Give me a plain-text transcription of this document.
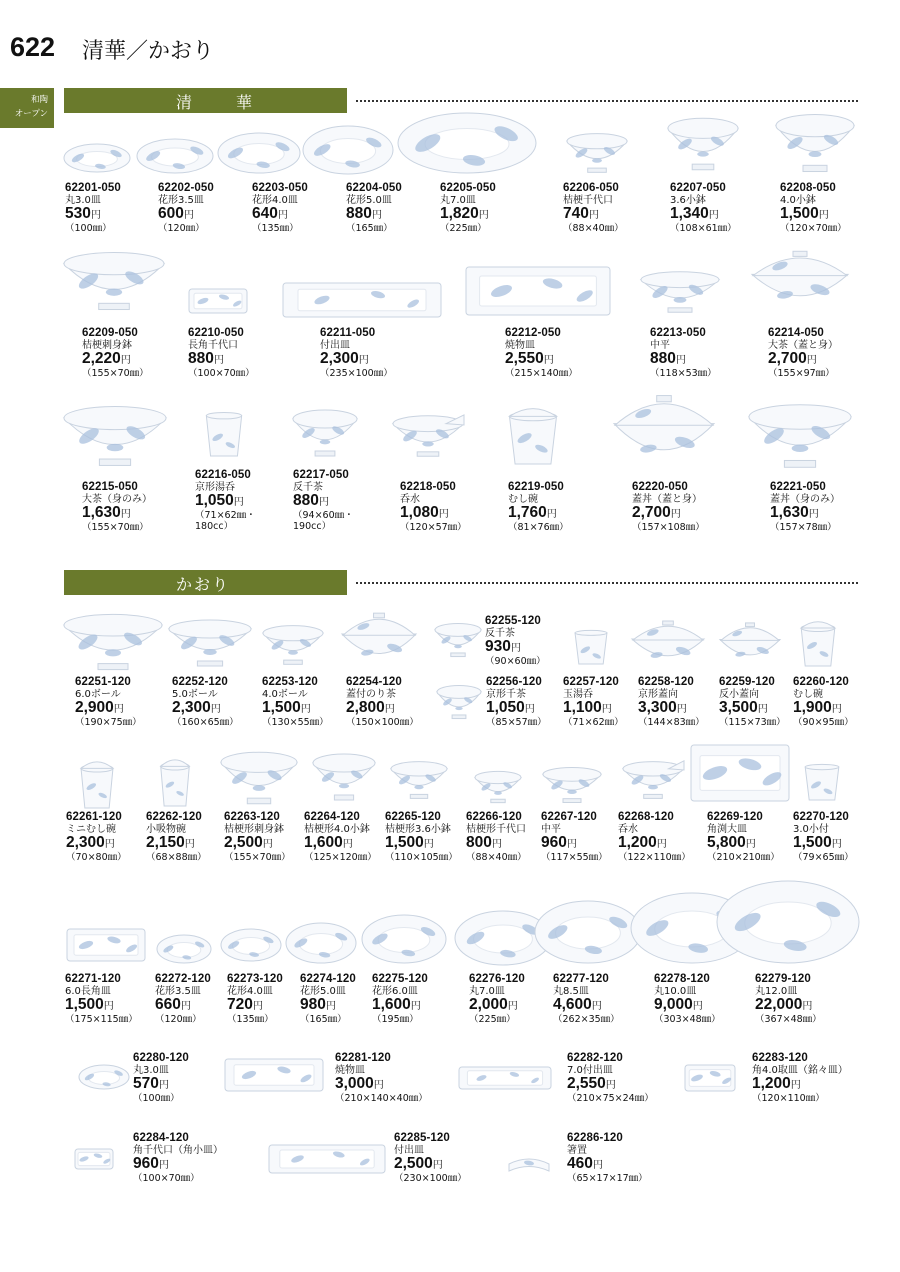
622 清華／かおり
和陶
オープン
清　華
かおり
62201-050
丸3.0皿
530円
（100㎜）
62202-050
花形3.5皿
600円
（120㎜）
62203-050
花形4.0皿
640円
（135㎜）
62204-050
花形5.0皿
880円
（165㎜）
62205-050
丸7.0皿
1,820円
（225㎜）
62206-050
桔梗千代口
740円
（88×40㎜）
62207-050
3.6小鉢
1,340円
（108×61㎜）
62208-050
4.0小鉢
1,500円
（120×70㎜）
62209-050
桔梗刺身鉢
2,220円
（155×70㎜）
62210-050
長角千代口
880円
（100×70㎜）
62211-050
付出皿
2,300円
（235×100㎜）
62212-050
焼物皿
2,550円
（215×140㎜）
62213-050
中平
880円
（118×53㎜）
62214-050
大茶（蓋と身）
2,700円
（155×97㎜）
62215-050
大茶（身のみ）
1,630円
（155×70㎜）
62216-050
京形湯呑
1,050円
（71×62㎜・
180cc）
62217-050
反千茶
880円
（94×60㎜・
190cc）
62218-050
呑水
1,080円
（120×57㎜）
62219-050
むし碗
1,760円
（81×76㎜）
62220-050
蓋丼（蓋と身）
2,700円
（157×108㎜）
62221-050
蓋丼（身のみ）
1,630円
（157×78㎜）
62251-120
6.0ボール
2,900円
（190×75㎜）
62252-120
5.0ボール
2,300円
（160×65㎜）
62253-120
4.0ボール
1,500円
（130×55㎜）
62254-120
蓋付のり茶
2,800円
（150×100㎜）
62255-120
反千茶
930円
（90×60㎜）
62256-120
京形千茶
1,050円
（85×57㎜）
62257-120
玉湯呑
1,100円
（71×62㎜）
62258-120
京形蓋向
3,300円
（144×83㎜）
62259-120
反小蓋向
3,500円
（115×73㎜）
62260-120
むし碗
1,900円
（90×95㎜）
62261-120
ミニむし碗
2,300円
（70×80㎜）
62262-120
小吸物碗
2,150円
（68×88㎜）
62263-120
桔梗形刺身鉢
2,500円
（155×70㎜）
62264-120
桔梗形4.0小鉢
1,600円
（125×120㎜）
62265-120
桔梗形3.6小鉢
1,500円
（110×105㎜）
62266-120
桔梗形千代口
800円
（88×40㎜）
62267-120
中平
960円
（117×55㎜）
62268-120
呑水
1,200円
（122×110㎜）
62269-120
角渕大皿
5,800円
（210×210㎜）
62270-120
3.0小付
1,500円
（79×65㎜）
62271-120
6.0長角皿
1,500円
（175×115㎜）
62272-120
花形3.5皿
660円
（120㎜）
62273-120
花形4.0皿
720円
（135㎜）
62274-120
花形5.0皿
980円
（165㎜）
62275-120
花形6.0皿
1,600円
（195㎜）
62276-120
丸7.0皿
2,000円
（225㎜）
62277-120
丸8.5皿
4,600円
（262×35㎜）
62278-120
丸10.0皿
9,000円
（303×48㎜）
62279-120
丸12.0皿
22,000円
（367×48㎜）
62280-120
丸3.0皿
570円
（100㎜）
62281-120
焼物皿
3,000円
（210×140×40㎜）
62282-120
7.0付出皿
2,550円
（210×75×24㎜）
62283-120
角4.0取皿（銘々皿）
1,200円
（120×110㎜）
62284-120
角千代口（角小皿）
960円
（100×70㎜）
62285-120
付出皿
2,500円
（230×100㎜）
62286-120
箸置
460円
（65×17×17㎜）
